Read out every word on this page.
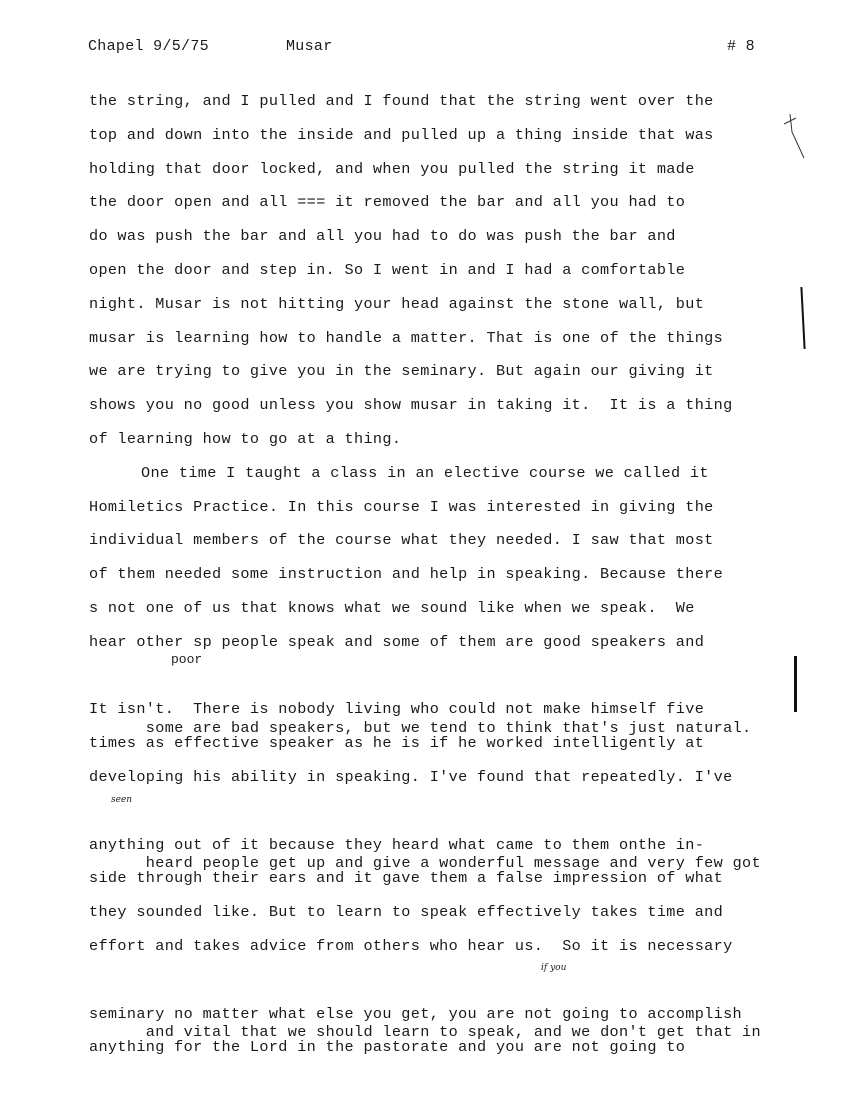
Chapel 9/5/75	Musar	# 8
the string, and I pulled and I found that the string went over the
top and down into the inside and pulled up a thing inside that was
holding that door locked, and when you pulled the string it made
the door open and all === it removed the bar and all you had to
do was push the bar and all you had to do was push the bar and
open the door and step in. So I went in and I had a comfortable
night. Musar is not hitting your head against the stone wall, but
musar is learning how to handle a matter. That is one of the things
we are trying to give you in the seminary. But again our giving it
shows you no good unless you show musar in taking it.  It is a thing
of learning how to go at a thing.
One time I taught a class in an elective course we called it
Homiletics Practice. In this course I was interested in giving the
individual members of the course what they needed. I saw that most
of them needed some instruction and help in speaking. Because there
s not one of us that knows what we sound like when we speak.  We
hear other sp people speak and some of them are good speakers and

poor

some are bad speakers, but we tend to think that's just natural.

It isn't.  There is nobody living who could not make himself five
times as effective speaker as he is if he worked intelligently at
developing his ability in speaking. I've found that repeatedly. I've

seen

heard people get up and give a wonderful message and very few got

anything out of it because they heard what came to them onthe in-
side through their ears and it gave them a false impression of what
they sounded like. But to learn to speak effectively takes time and
effort and takes advice from others who hear us.  So it is necessary

if you

and vital that we should learn to speak, and we don't get that in

seminary no matter what else you get, you are not going to accomplish
anything for the Lord in the pastorate and you are not going to
